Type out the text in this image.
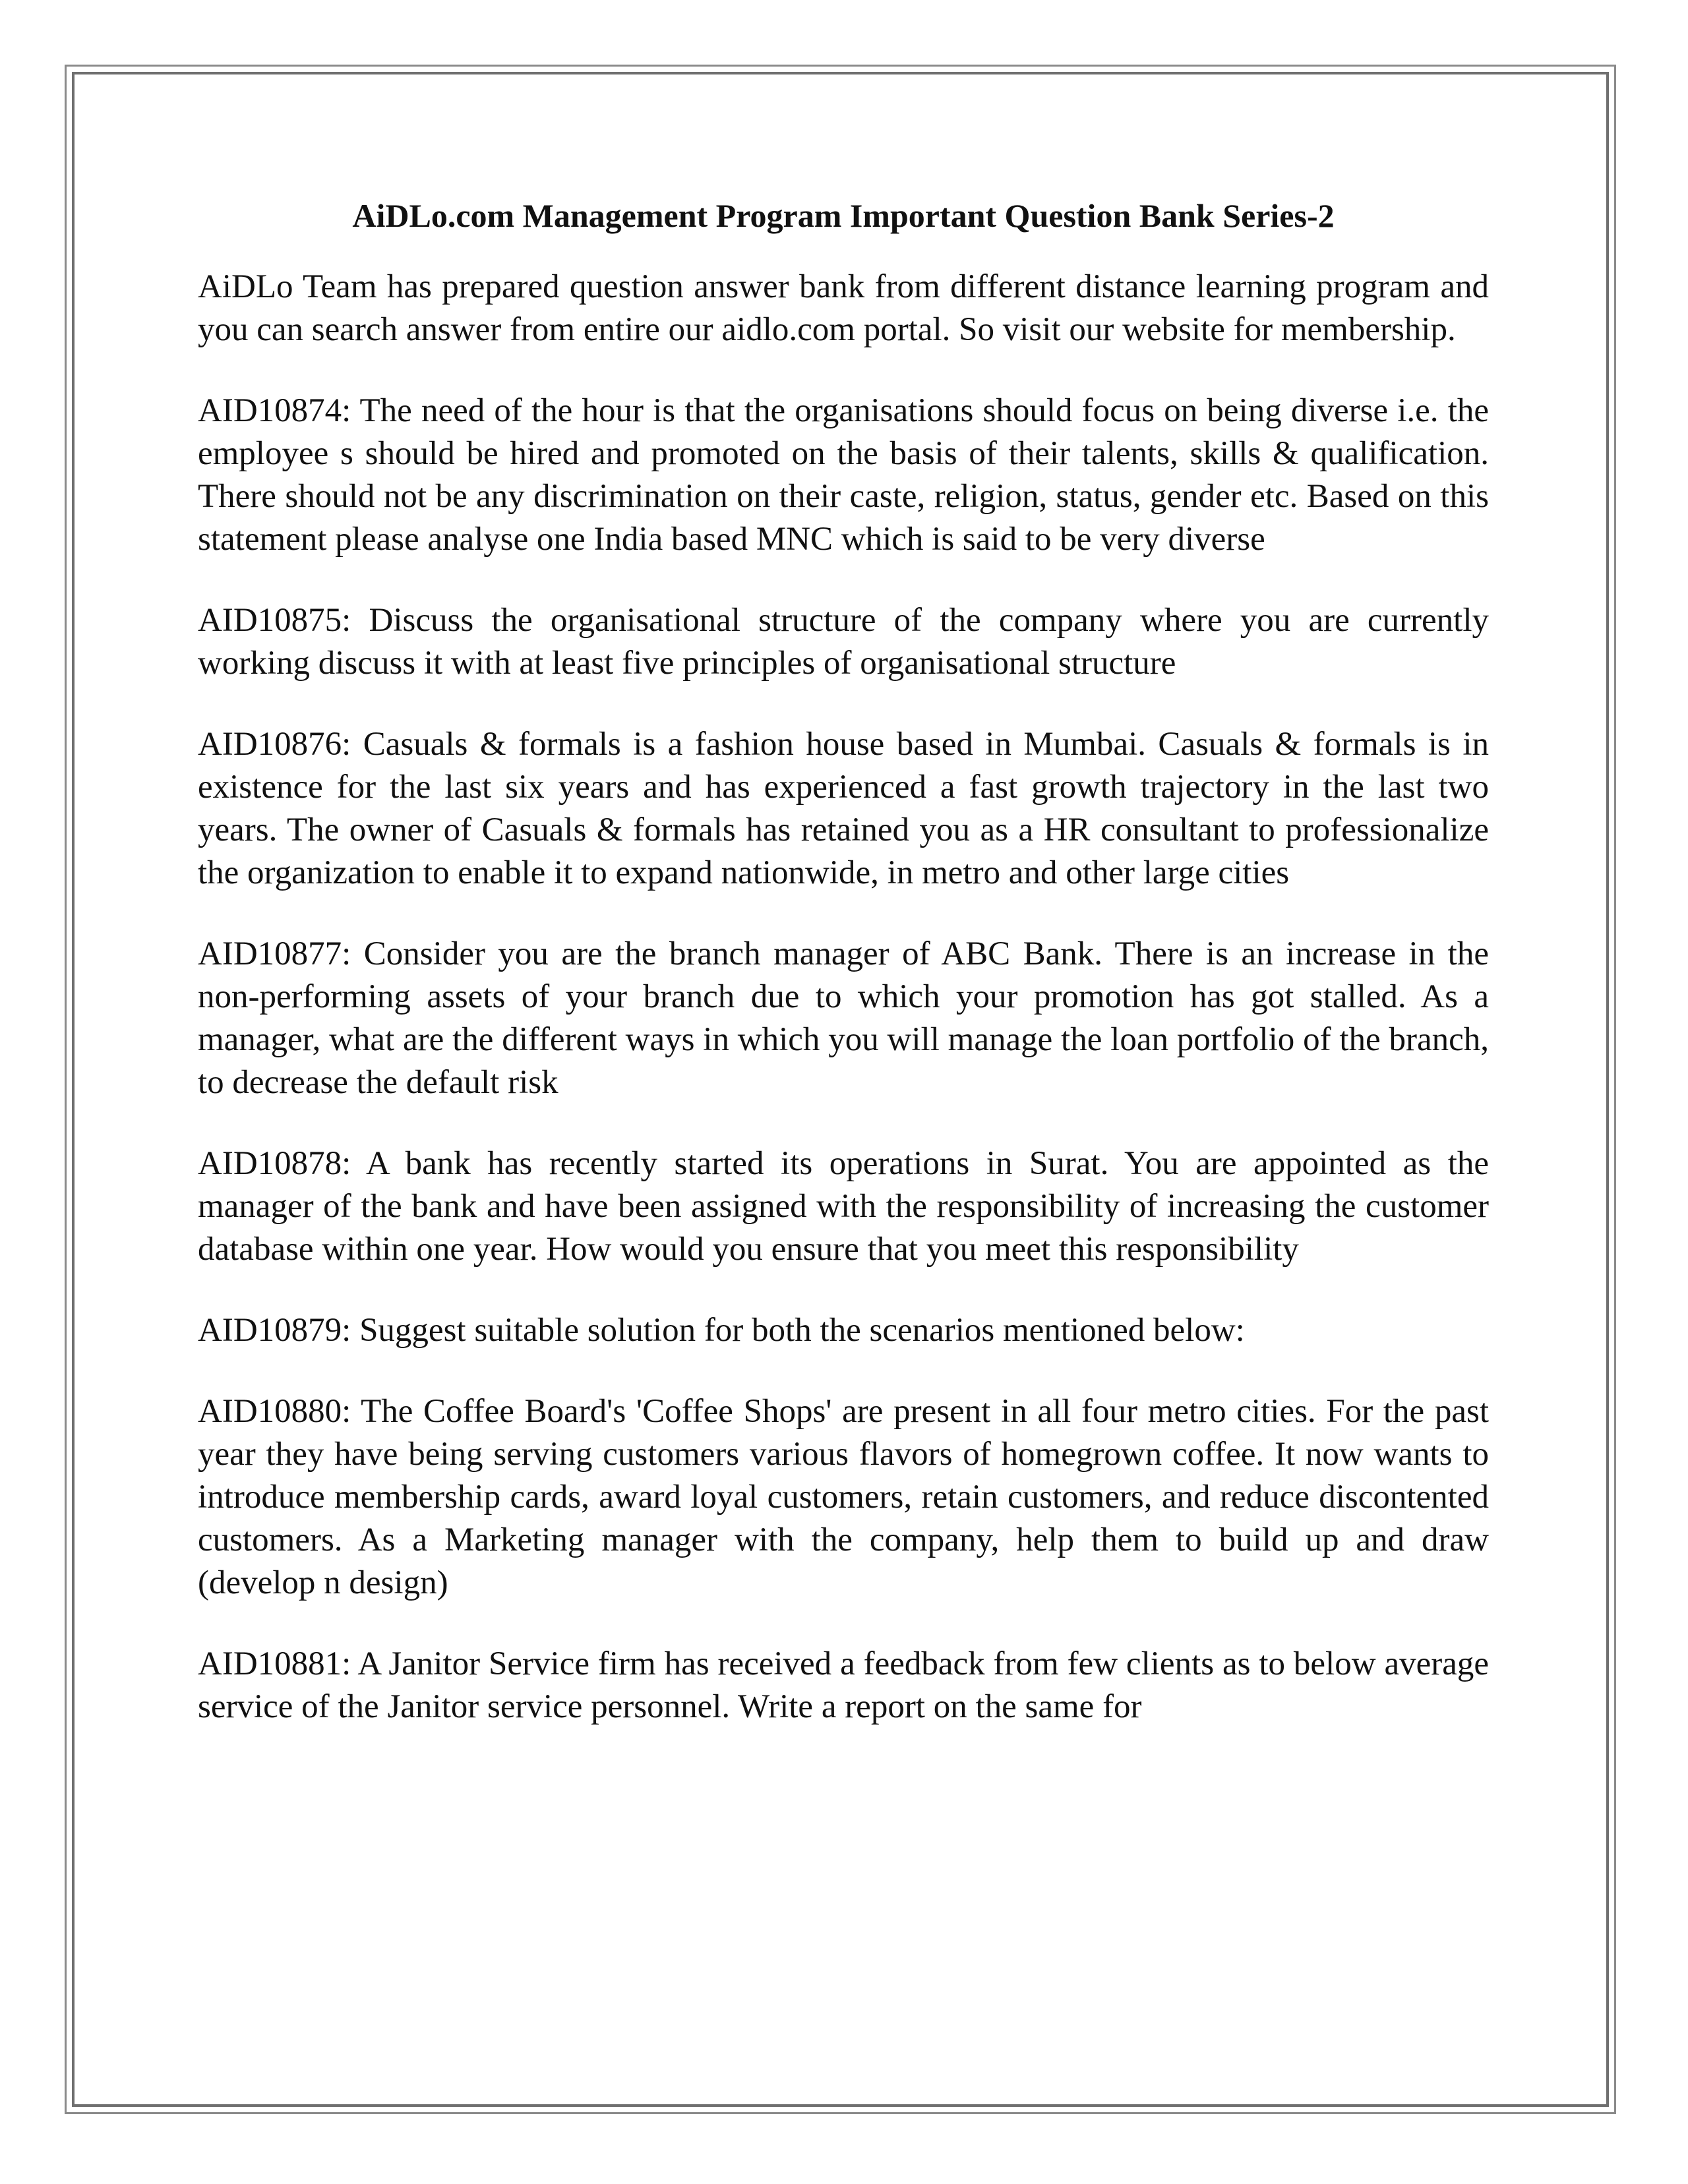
AiDLo.com Management Program Important Question Bank Series-2
AiDLo Team has prepared question answer bank from different distance learning program and you can search answer from entire our aidlo.com portal. So visit our website for membership.
AID10874: The need of the hour is that the organisations should focus on being diverse i.e. the employee s should be hired and promoted on the basis of their talents, skills & qualification. There should not be any discrimination on their caste, religion, status, gender etc. Based on this statement please analyse one India based MNC which is said to be very diverse
AID10875: Discuss the organisational structure of the company where you are currently working discuss it with at least five principles of organisational structure
AID10876: Casuals & formals is a fashion house based in Mumbai. Casuals & formals is in existence for the last six years and has experienced a fast growth trajectory in the last two years. The owner of Casuals & formals has retained you as a HR consultant to professionalize the organization to enable it to expand nationwide, in metro and other large cities
AID10877: Consider you are the branch manager of ABC Bank. There is an increase in the non-performing assets of your branch due to which your promotion has got stalled. As a manager, what are the different ways in which you will manage the loan portfolio of the branch, to decrease the default risk
AID10878: A bank has recently started its operations in Surat. You are appointed as the manager of the bank and have been assigned with the responsibility of increasing the customer database within one year. How would you ensure that you meet this responsibility
AID10879: Suggest suitable solution for both the scenarios mentioned below:
AID10880: The Coffee Board's 'Coffee Shops' are present in all four metro cities. For the past year they have being serving customers various flavors of homegrown coffee. It now wants to introduce membership cards, award loyal customers, retain customers, and reduce discontented customers. As a Marketing manager with the company, help them to build up and draw (develop n design)
AID10881: A Janitor Service firm has received a feedback from few clients as to below average service of the Janitor service personnel. Write a report on the same for
